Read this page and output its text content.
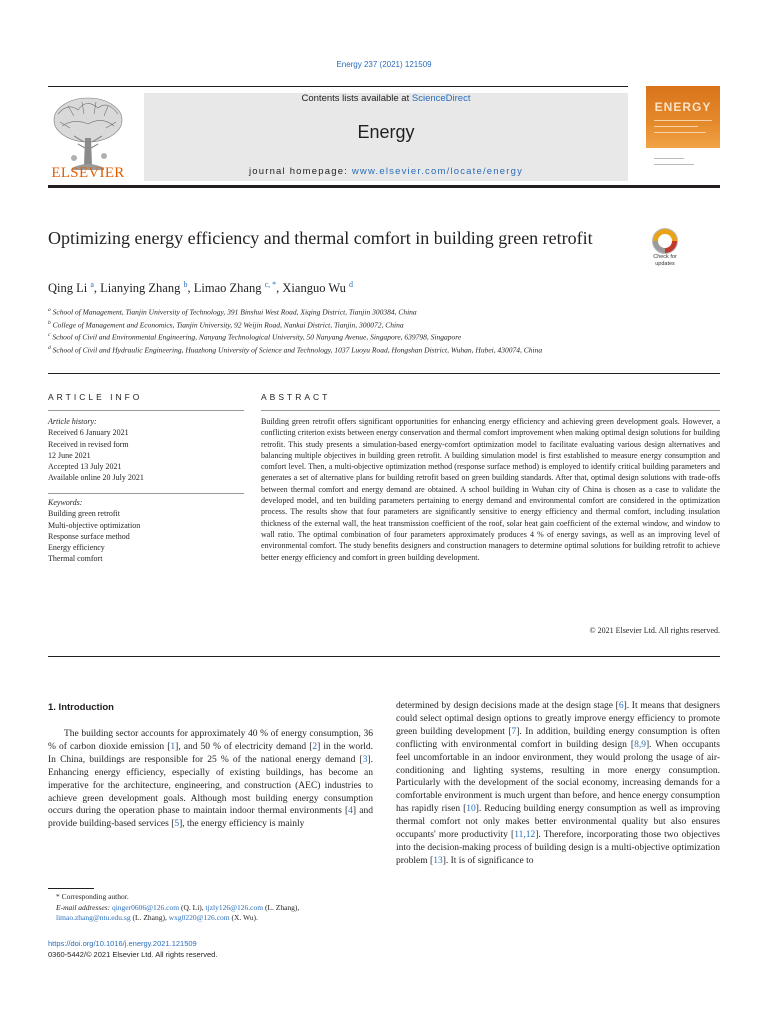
Energy 237 (2021) 121509
ELSEVIER
Contents lists available at ScienceDirect
Energy
journal homepage: www.elsevier.com/locate/energy
ENERGY
Optimizing energy efficiency and thermal comfort in building green retrofit
Check for
updates
Qing Li $^a$, Lianying Zhang $^b$, Limao Zhang $^{c, *}$, Xianguo Wu $^d$
$^a$ School of Management, Tianjin University of Technology, 391 Binshui West Road, Xiqing District, Tianjin 300384, China
$^b$ College of Management and Economics, Tianjin University, 92 Weijin Road, Nankai District, Tianjin, 300072, China
$^c$ School of Civil and Environmental Engineering, Nanyang Technological University, 50 Nanyang Avenue, Singapore, 639798, Singapore
$^d$ School of Civil and Hydraulic Engineering, Huazhong University of Science and Technology, 1037 Luoyu Road, Hongshan District, Wuhan, Hubei, 430074, China
ARTICLE INFO	ABSTRACT
Article history:
Received 6 January 2021
Received in revised form
12 June 2021
Accepted 13 July 2021
Available online 20 July 2021
Keywords:
Building green retrofit
Multi-objective optimization
Response surface method
Energy efficiency
Thermal comfort
Building green retrofit offers significant opportunities for enhancing energy efficiency and achieving green development goals. However, a conflicting criterion exists between energy conservation and thermal comfort improvement when making optimal design solutions for building retrofit. This study presents a simulation-based energy-comfort optimization model to facilitate evaluating various design alternatives and balancing multiple objectives in building green retrofit. A building simulation model is first established to measure energy consumption and comfort level. Then, a multi-objective optimization method (response surface method) is employed to identify critical building parameters and generates a set of alternative plans for building retrofit based on green building standards. After that, optimal design solutions with trade-offs between thermal comfort and energy demand are obtained. A school building in Wuhan city of China is chosen as a case to validate the developed model, and ten building parameters pertaining to energy demand and environmental comfort are considered in the optimization process. The results show that four parameters are significantly sensitive to energy efficiency and thermal comfort, including insulation thickness of the external wall, the heat transmission coefficient of the roof, solar heat gain coefficient of the external window, and window to wall ratio. The optimal combination of four parameters approximately produces 4 % of energy savings, as well as an improving level of environmental comfort. The study benefits designers and construction managers to determine optimal solutions for building retrofit to achieve better energy efficiency and comfort in green building development.
© 2021 Elsevier Ltd. All rights reserved.
1. Introduction
The building sector accounts for approximately 40 % of energy consumption, 36 % of carbon dioxide emission [1], and 50 % of electricity demand [2] in the world. In China, buildings are responsible for 25 % of the national energy demand [3]. Enhancing energy efficiency, especially of existing buildings, has become an imperative for the architecture, engineering, and construction (AEC) industries to achieve green development goals. Although most building energy consumption occurs during the operation phase to maintain indoor thermal environments [4] and provide building-based services [5], the energy efficiency is mainly
determined by design decisions made at the design stage [6]. It means that designers could select optimal design options to greatly improve energy efficiency to promote green building development [7]. In addition, building energy consumption is often conflicting with environmental comfort in building design [8,9]. When occupants feel uncomfortable in an indoor environment, they would prolong the usage of air-conditioning and lighting systems, resulting in more energy consumption. Particularly with the development of the social economy, increasing demands for a comfortable environment is much urgent than before, and hence energy consumption has rapidly risen [10]. Reducing building energy consumption as well as improving thermal comfort not only makes better environmental quality but also ensures occupants' more productivity [11,12]. Therefore, incorporating those two objectives into the decision-making process of building design is a multi-objective optimization problem [13]. It is of significance to
* Corresponding author.
E-mail addresses: qinger0606@126.com (Q. Li), tjzly126@126.com (L. Zhang), limao.zhang@ntu.edu.sg (L. Zhang), wxg0220@126.com (X. Wu).
https://doi.org/10.1016/j.energy.2021.121509
0360-5442/© 2021 Elsevier Ltd. All rights reserved.
